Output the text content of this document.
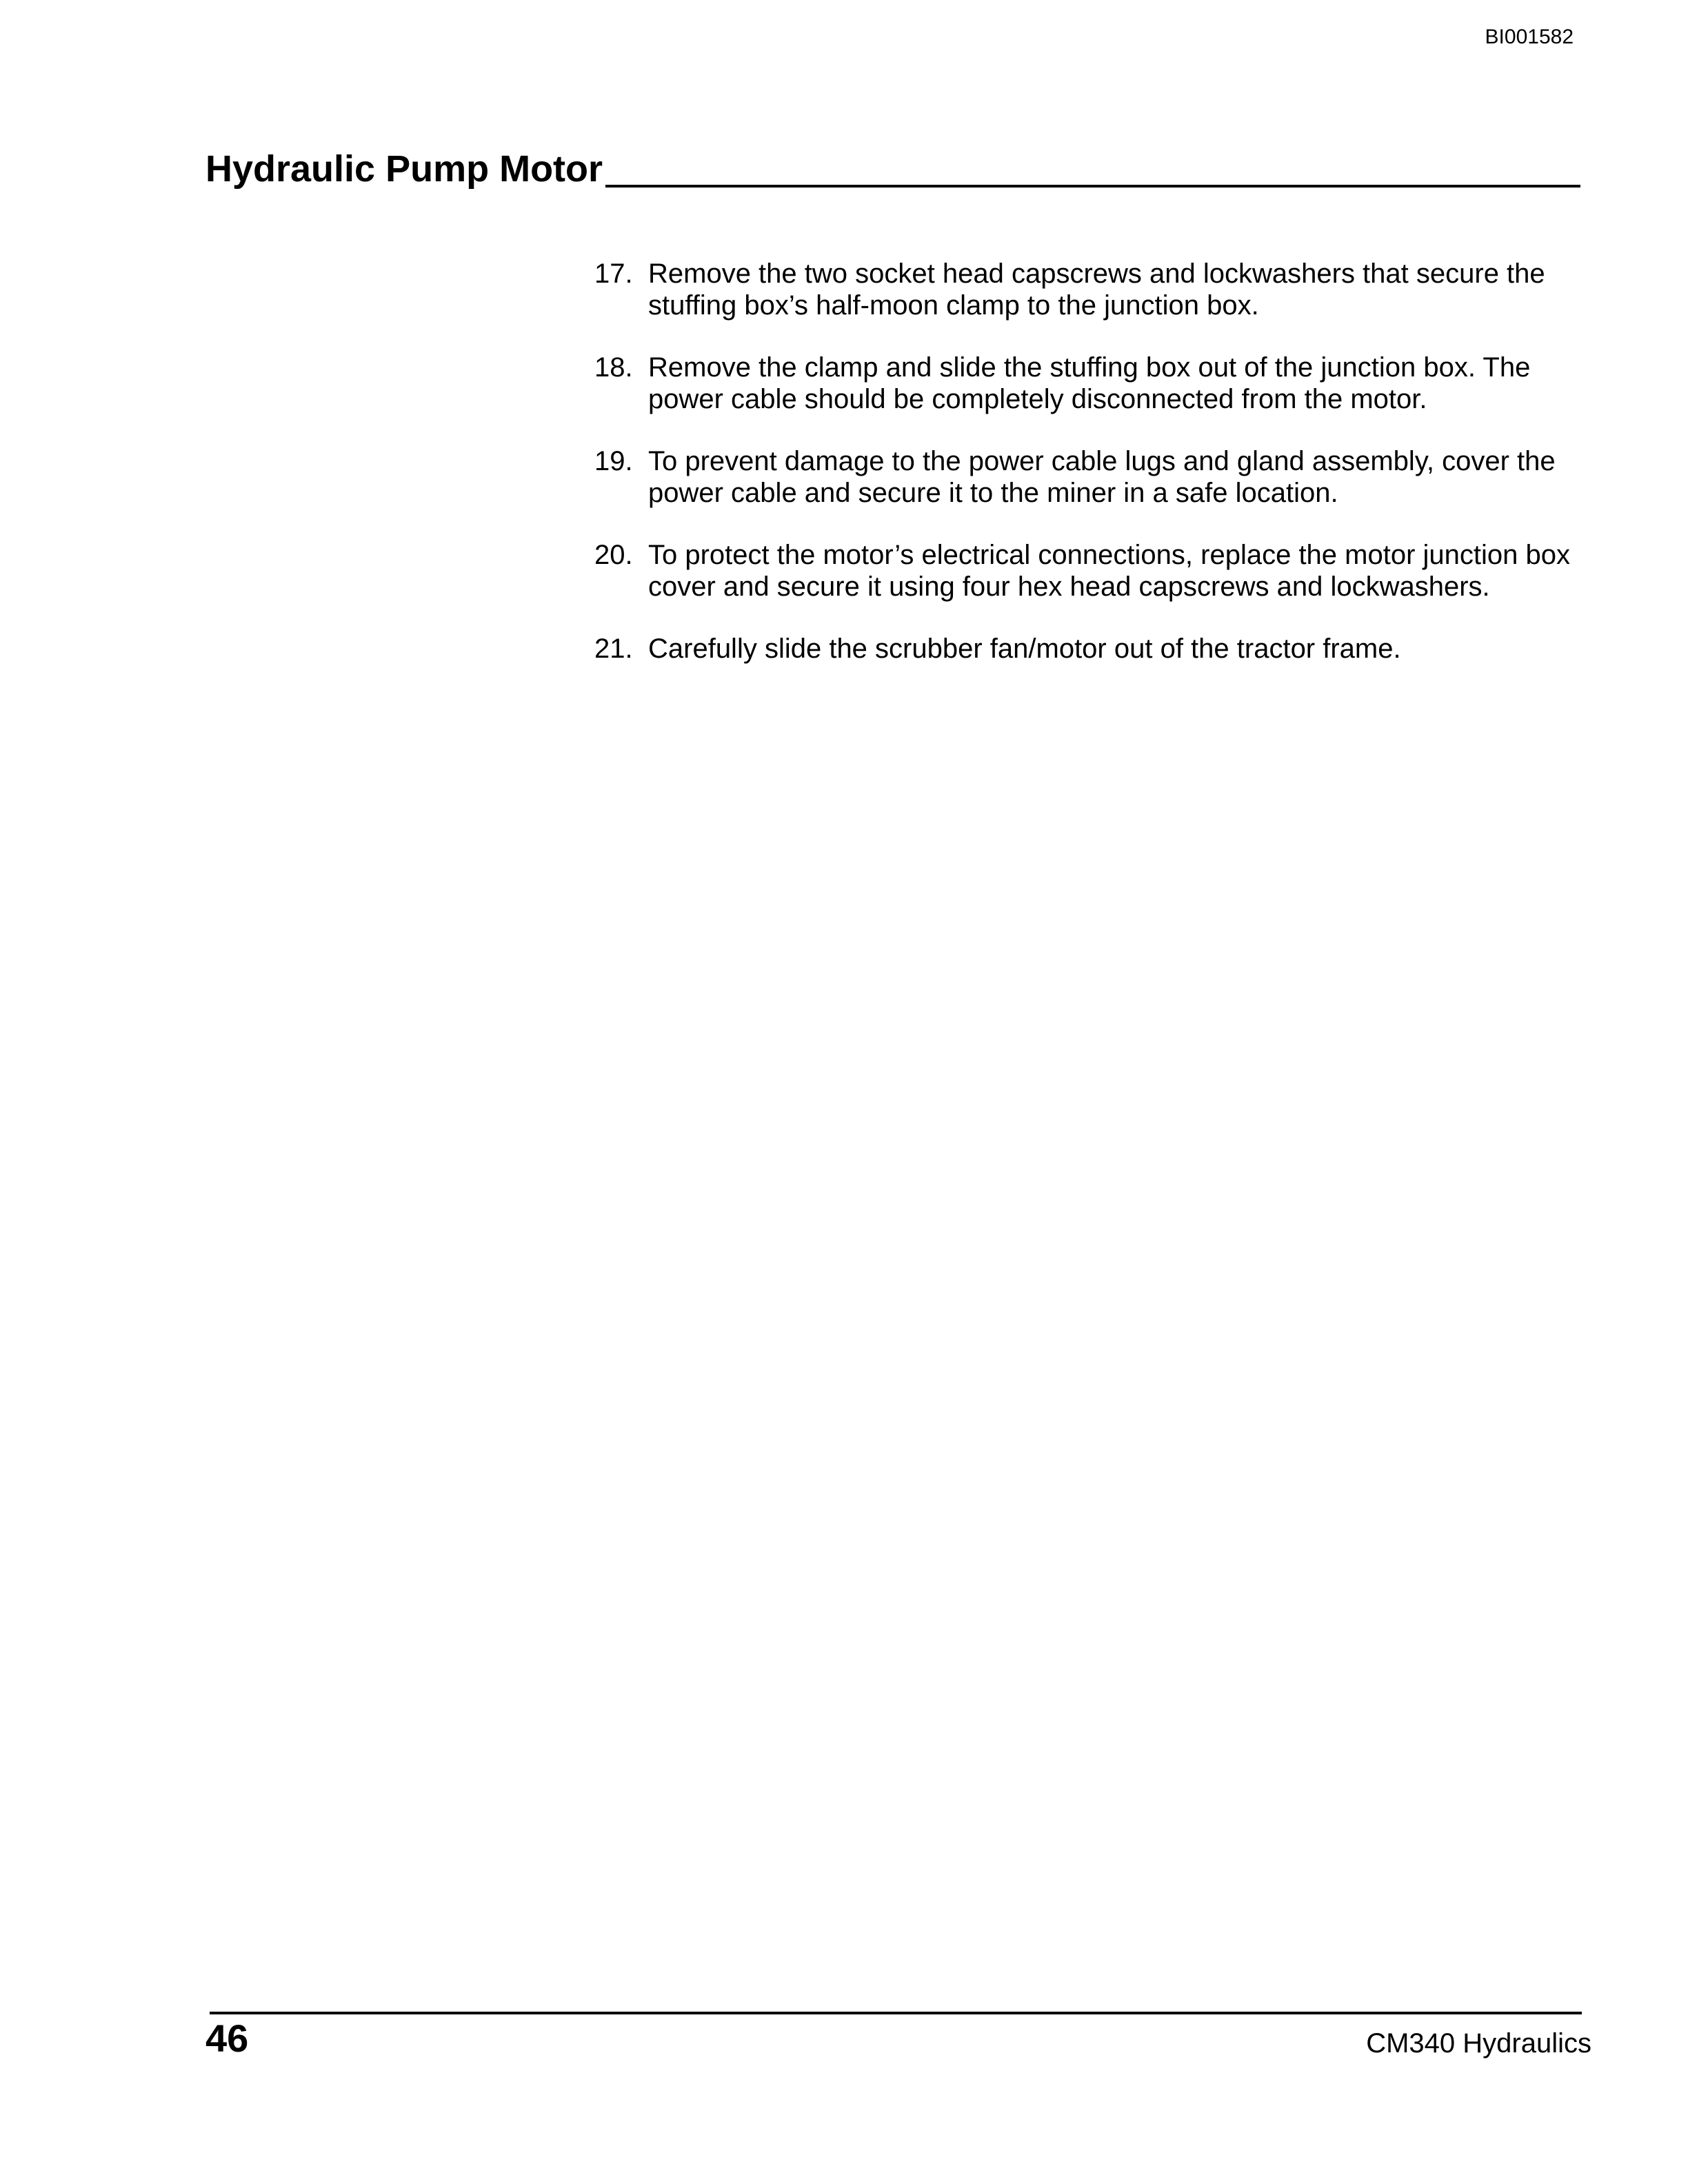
BI001582
Hydraulic Pump Motor
17. Remove the two socket head capscrews and lockwashers that secure the stuffing box’s half-moon clamp to the junction box.
18. Remove the clamp and slide the stuffing box out of the junction box. The power cable should be completely disconnected from the motor.
19. To prevent damage to the power cable lugs and gland assembly, cover the power cable and secure it to the miner in a safe location.
20. To protect the motor’s electrical connections, replace the motor junction box cover and secure it using four hex head capscrews and lockwashers.
21. Carefully slide the scrubber fan/motor out of the tractor frame.
46	CM340 Hydraulics
